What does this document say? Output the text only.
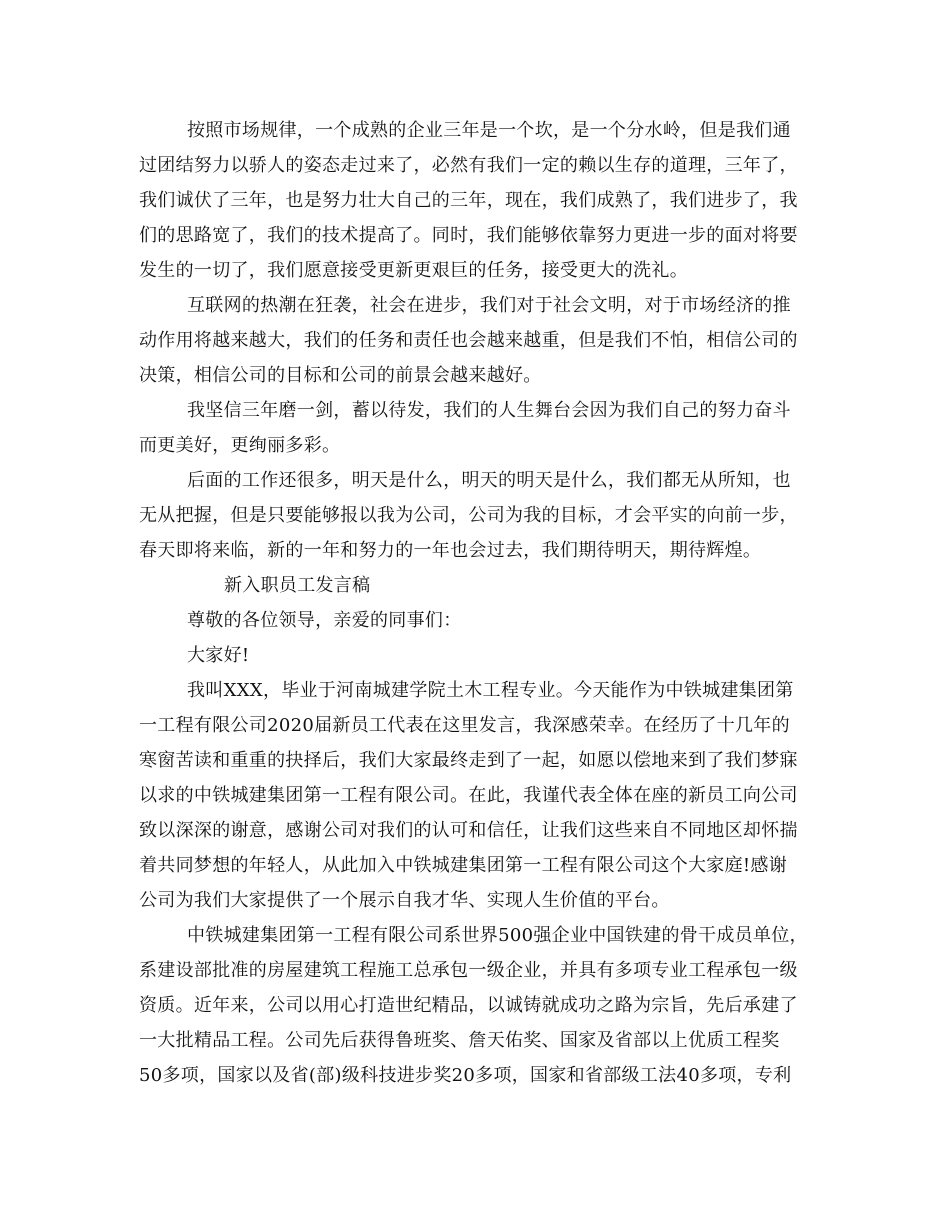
按照市场规律，一个成熟的企业三年是一个坎，是一个分水岭，但是我们通
过团结努力以骄人的姿态走过来了，必然有我们一定的赖以生存的道理，三年了，
我们诚伏了三年，也是努力壮大自己的三年，现在，我们成熟了，我们进步了，我
们的思路宽了，我们的技术提高了。同时，我们能够依靠努力更进一步的面对将要
发生的一切了，我们愿意接受更新更艰巨的任务，接受更大的洗礼。
互联网的热潮在狂袭，社会在进步，我们对于社会文明，对于市场经济的推
动作用将越来越大，我们的任务和责任也会越来越重，但是我们不怕，相信公司的
决策，相信公司的目标和公司的前景会越来越好。
我坚信三年磨一剑，蓄以待发，我们的人生舞台会因为我们自己的努力奋斗
而更美好，更绚丽多彩。
后面的工作还很多，明天是什么，明天的明天是什么，我们都无从所知，也
无从把握，但是只要能够报以我为公司，公司为我的目标，才会平实的向前一步，
春天即将来临，新的一年和努力的一年也会过去，我们期待明天，期待辉煌。
新入职员工发言稿
尊敬的各位领导，亲爱的同事们：
大家好!
我叫XXX，毕业于河南城建学院土木工程专业。今天能作为中铁城建集团第
一工程有限公司2020届新员工代表在这里发言，我深感荣幸。在经历了十几年的
寒窗苦读和重重的抉择后，我们大家最终走到了一起，如愿以偿地来到了我们梦寐
以求的中铁城建集团第一工程有限公司。在此，我谨代表全体在座的新员工向公司
致以深深的谢意，感谢公司对我们的认可和信任，让我们这些来自不同地区却怀揣
着共同梦想的年轻人，从此加入中铁城建集团第一工程有限公司这个大家庭!感谢
公司为我们大家提供了一个展示自我才华、实现人生价值的平台。
中铁城建集团第一工程有限公司系世界500强企业中国铁建的骨干成员单位，
系建设部批准的房屋建筑工程施工总承包一级企业，并具有多项专业工程承包一级
资质。近年来，公司以用心打造世纪精品，以诚铸就成功之路为宗旨，先后承建了
一大批精品工程。公司先后获得鲁班奖、詹天佑奖、国家及省部以上优质工程奖
50多项，国家以及省(部)级科技进步奖20多项，国家和省部级工法40多项，专利
